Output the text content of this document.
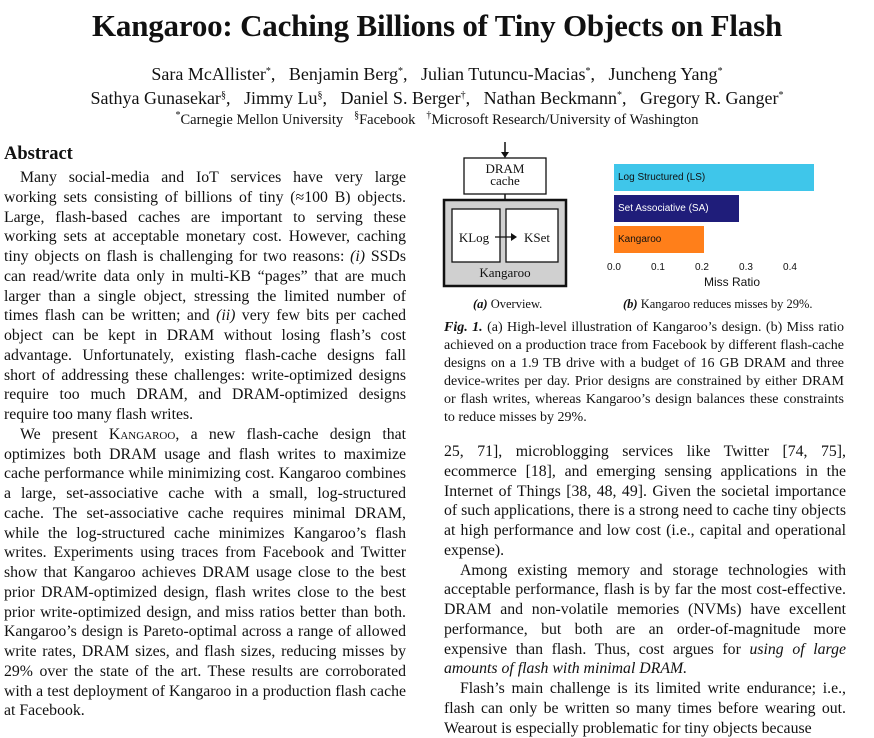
Kangaroo: Caching Billions of Tiny Objects on Flash
Sara McAllister*,   Benjamin Berg*,   Julian Tutuncu-Macias*,   Juncheng Yang*
Sathya Gunasekar§,   Jimmy Lu§,   Daniel S. Berger†,   Nathan Beckmann*,   Gregory R. Ganger*
*Carnegie Mellon University §Facebook †Microsoft Research/University of Washington
Abstract

Many social-media and IoT services have very large working sets consisting of billions of tiny (≈100 B) objects. Large, flash-based caches are important to serving these working sets at acceptable monetary cost. However, caching tiny objects on flash is challenging for two reasons: (i) SSDs can read/write data only in multi-KB “pages” that are much larger than a single object, stressing the limited number of times flash can be written; and (ii) very few bits per cached object can be kept in DRAM without losing flash’s cost advantage. Unfortunately, existing flash-cache designs fall short of addressing these challenges: write-optimized designs require too much DRAM, and DRAM-optimized designs require too many flash writes.

We present Kangaroo, a new flash-cache design that optimizes both DRAM usage and flash writes to maximize cache performance while minimizing cost. Kangaroo combines a large, set-associative cache with a small, log-structured cache. The set-associative cache requires minimal DRAM, while the log-structured cache minimizes Kangaroo’s flash writes. Experiments using traces from Facebook and Twitter show that Kangaroo achieves DRAM usage close to the best prior DRAM-optimized design, flash writes close to the best prior write-optimized design, and miss ratios better than both. Kangaroo’s design is Pareto-optimal across a range of allowed write rates, DRAM sizes, and flash sizes, reducing misses by 29% over the state of the art. These results are corroborated with a test deployment of Kangaroo in a production flash cache at Facebook.

DRAM
cache
KLog	KSet
Kangaroo
Log Structured (LS)
Set Associative (SA)
Kangaroo
0.0	0.1	0.2	0.3	0.4
Miss Ratio
(a) Overview.	(b) Kangaroo reduces misses by 29%.
Fig. 1. (a) High-level illustration of Kangaroo’s design. (b) Miss ratio achieved on a production trace from Facebook by different flash-cache designs on a 1.9 TB drive with a budget of 16 GB DRAM and three device-writes per day. Prior designs are constrained by either DRAM or flash writes, whereas Kangaroo’s design balances these constraints to reduce misses by 29%.

25, 71], microblogging services like Twitter [74, 75], ecommerce [18], and emerging sensing applications in the Internet of Things [38, 48, 49]. Given the societal importance of such applications, there is a strong need to cache tiny objects at high performance and low cost (i.e., capital and operational expense).

Among existing memory and storage technologies with acceptable performance, flash is by far the most cost-effective. DRAM and non-volatile memories (NVMs) have excellent performance, but both are an order-of-magnitude more expensive than flash. Thus, cost argues for using of large amounts of flash with minimal DRAM.

Flash’s main challenge is its limited write endurance; i.e., flash can only be written so many times before wearing out. Wearout is especially problematic for tiny objects because
